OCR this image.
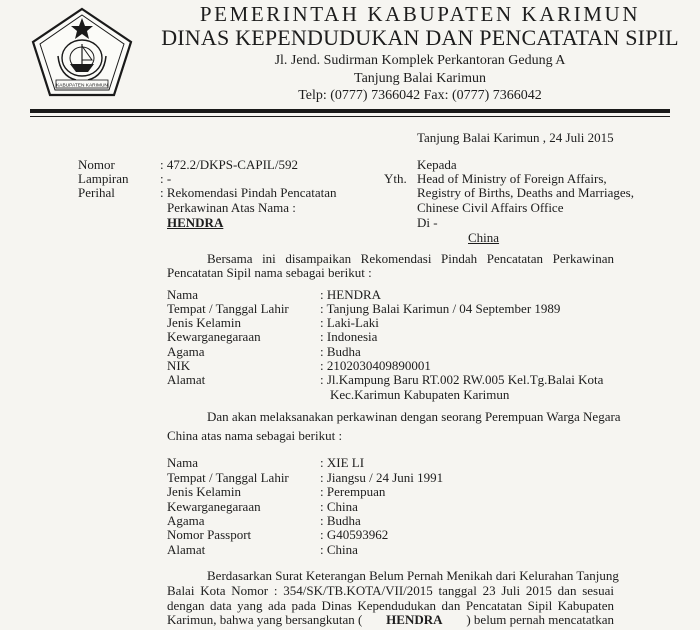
KABUPATEN KARIMUN
PEMERINTAH KABUPATEN KARIMUN
DINAS KEPENDUDUKAN DAN PENCATATAN SIPIL
Jl. Jend. Sudirman Komplek Perkantoran Gedung A
Tanjung Balai Karimun
Telp: (0777) 7366042 Fax: (0777) 7366042
Tanjung Balai Karimun , 24 Juli 2015
Nomor	: 472.2/DKPS-CAPIL/592
Lampiran : -
Perihal	: Rekomendasi Pindah Pencatatan
Perkawinan Atas Nama :
HENDRA
Kepada
Yth. Head of Ministry of Foreign Affairs,
Registry of Births, Deaths and Marriages,
Chinese Civil Affairs Office
Di -
China
Bersama ini disampaikan Rekomendasi Pindah Pencatatan Perkawinan
Pencatatan Sipil nama sebagai berikut :
Nama	: HENDRA
Tempat / Tanggal Lahir : Tanjung Balai Karimun / 04 September 1989
Jenis Kelamin	: Laki-Laki
Kewarganegaraan	: Indonesia
Agama	: Budha
NIK	: 2102030409890001
Alamat	: Jl.Kampung Baru RT.002 RW.005 Kel.Tg.Balai Kota
Kec.Karimun Kabupaten Karimun
Dan akan melaksanakan perkawinan dengan seorang Perempuan Warga Negara
China atas nama sebagai berikut :
Nama	: XIE LI
Tempat / Tanggal Lahir : Jiangsu / 24 Juni 1991
Jenis Kelamin	: Perempuan
Kewarganegaraan	: China
Agama	: Budha
Nomor Passport	: G40593962
Alamat	: China
Berdasarkan Surat Keterangan Belum Pernah Menikah dari Kelurahan Tanjung
Balai Kota Nomor : 354/SK/TB.KOTA/VII/2015 tanggal 23 Juli 2015 dan sesuai
dengan data yang ada pada Dinas Kependudukan dan Pencatatan Sipil Kabupaten
Karimun, bahwa yang bersangkutan ( HENDRA ) belum pernah mencatatkan
